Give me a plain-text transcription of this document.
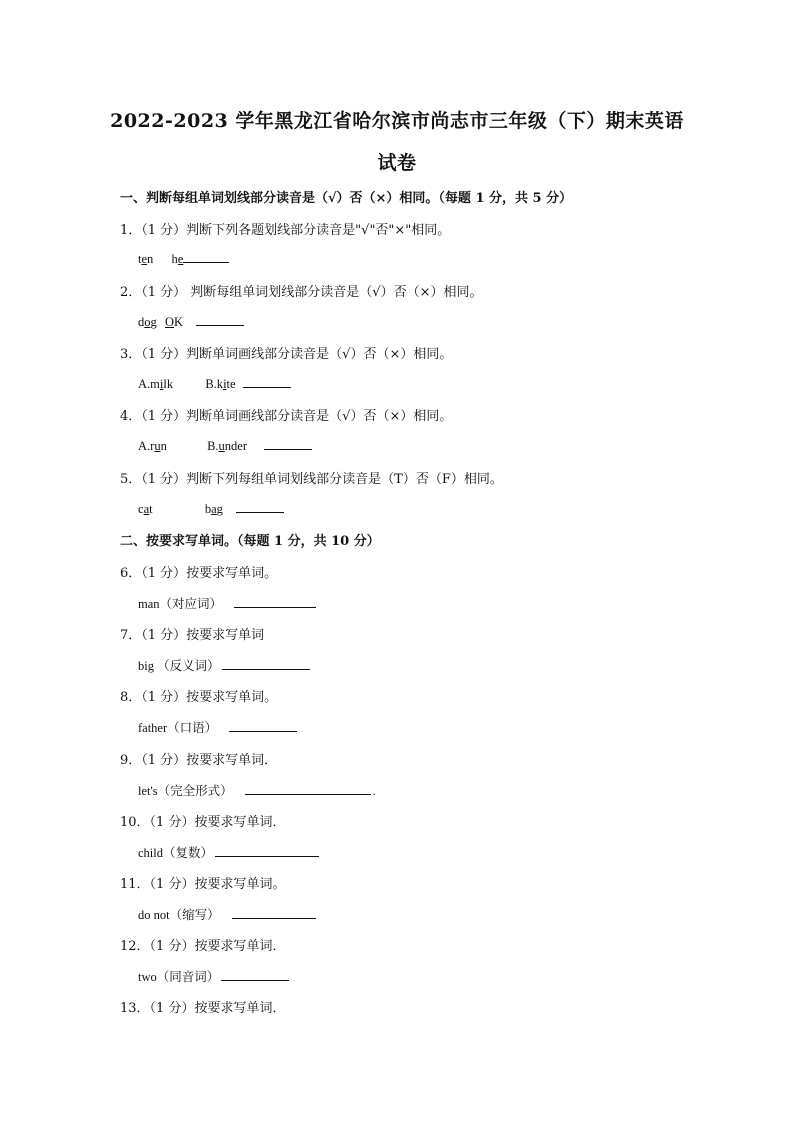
2022-2023 学年黑龙江省哈尔滨市尚志市三年级（下）期末英语
试卷
一、判断每组单词划线部分读音是（√）否（×）相同。（每题 1 分，共 5 分）
1．（1 分）判断下列各题划线部分读音是"√"否"×"相同。
ten he
2．（1 分） 判断每组单词划线部分读音是（√）否（×）相同。
dog OK
3．（1 分）判断单词画线部分读音是（√）否（×）相同。
A.milk	B.kite
4．（1 分）判断单词画线部分读音是（√）否（×）相同。
A.run	B.under
5．（1 分）判断下列每组单词划线部分读音是（T）否（F）相同。
cat	bag
二、按要求写单词。（每题 1 分，共 10 分）
6．（1 分）按要求写单词。
man（对应词）
7．（1 分）按要求写单词
big （反义词）
8．（1 分）按要求写单词。
father（口语）
9．（1 分）按要求写单词．
let's（完全形式）	.
10．（1 分）按要求写单词．
child（复数）
11．（1 分）按要求写单词。
do not（缩写）
12．（1 分）按要求写单词．
two（同音词）
13．（1 分）按要求写单词．
